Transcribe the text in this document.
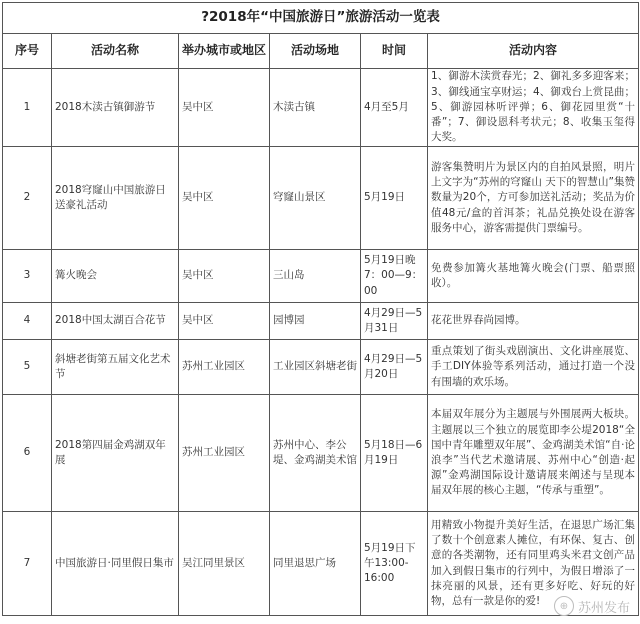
?2018年“中国旅游日”旅游活动一览表					
序号	活动名称	举办城市或地区	活动场地	时间	活动内容
1	2018木渎古镇御游节	吴中区	木渎古镇	4月至5月	1、御游木渎赏春光；2、御礼多多迎客来；3、御线通宝享财运；4、御戏台上赏昆曲；5、御游园林听评弹；6、御花园里赏“十番”；7、御设恩科考状元；8、收集玉玺得大奖。
2	2018穹窿山中国旅游日送豪礼活动	吴中区	穹窿山景区	5月19日	游客集赞明片为景区内的自拍风景照，明片上文字为“苏州的穹窿山 天下的智慧山”集赞数量为20个，方可参加送礼活动；奖品为价值48元/盒的首洱茶；礼品兑换处设在游客服务中心，游客需提供门票编号。
3	篝火晚会	吴中区	三山岛	5月19日晚7：00—9：00	免费参加篝火基地篝火晚会(门票、船票照收）。
4	2018中国太湖百合花节	吴中区	园博园	4月29日—5月31日	花花世界春尚园博。
5	斜塘老街第五届文化艺术节	苏州工业园区	工业园区斜塘老街	4月29日—5月20日	重点策划了街头戏剧演出、文化讲座展览、手工DIY体验等系列活动，通过打造一个没有围墙的欢乐场。
6	2018第四届金鸡湖双年展	苏州工业园区	苏州中心、李公堤、金鸡湖美术馆	5月18日—6月19日	本届双年展分为主题展与外围展两大板块。主题展以三个独立的展览即李公堤2018“全国中青年雕塑双年展”、金鸡湖美术馆“自·论浪李”当代艺术邀请展、苏州中心“创造·起源”金鸡湖国际设计邀请展来阐述与呈现本届双年展的核心主题，“传承与重塑”。
7	中国旅游日·同里假日集市	吴江同里景区	同里退思广场	5月19日下午13:00-16:00	用精致小物提升美好生活，在退思广场汇集了数十个创意素人摊位，有环保、复古、创意的各类潮物，还有同里鸡头米君文创产品加入到假日集市的行列中，为假日增添了一抹亮丽的风景，还有更多好吃、好玩的好物，总有一款是你的爱!	⊕ 苏州发布
